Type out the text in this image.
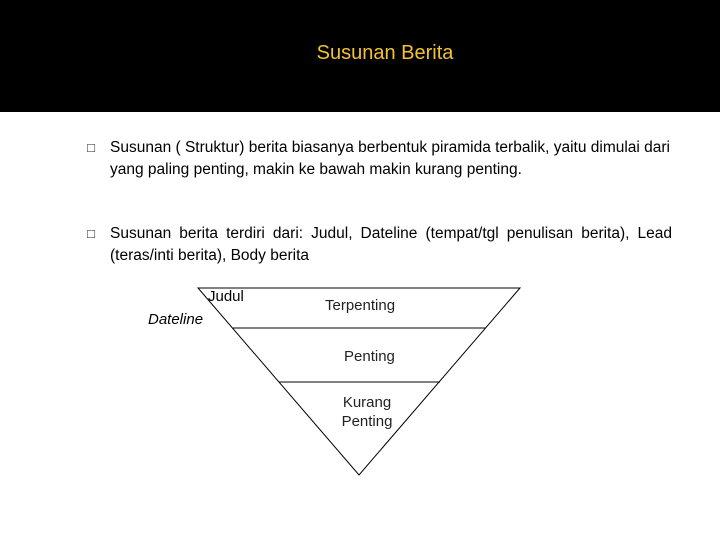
Susunan Berita
□ Susunan ( Struktur) berita biasanya berbentuk piramida terbalik, yaitu dimulai dari yang paling penting, makin ke bawah makin kurang penting.
□ Susunan berita terdiri dari: Judul, Dateline (tempat/tgl penulisan berita), Lead (teras/inti berita), Body berita
Judul
Dateline
Terpenting
Penting
Kurang
Penting
